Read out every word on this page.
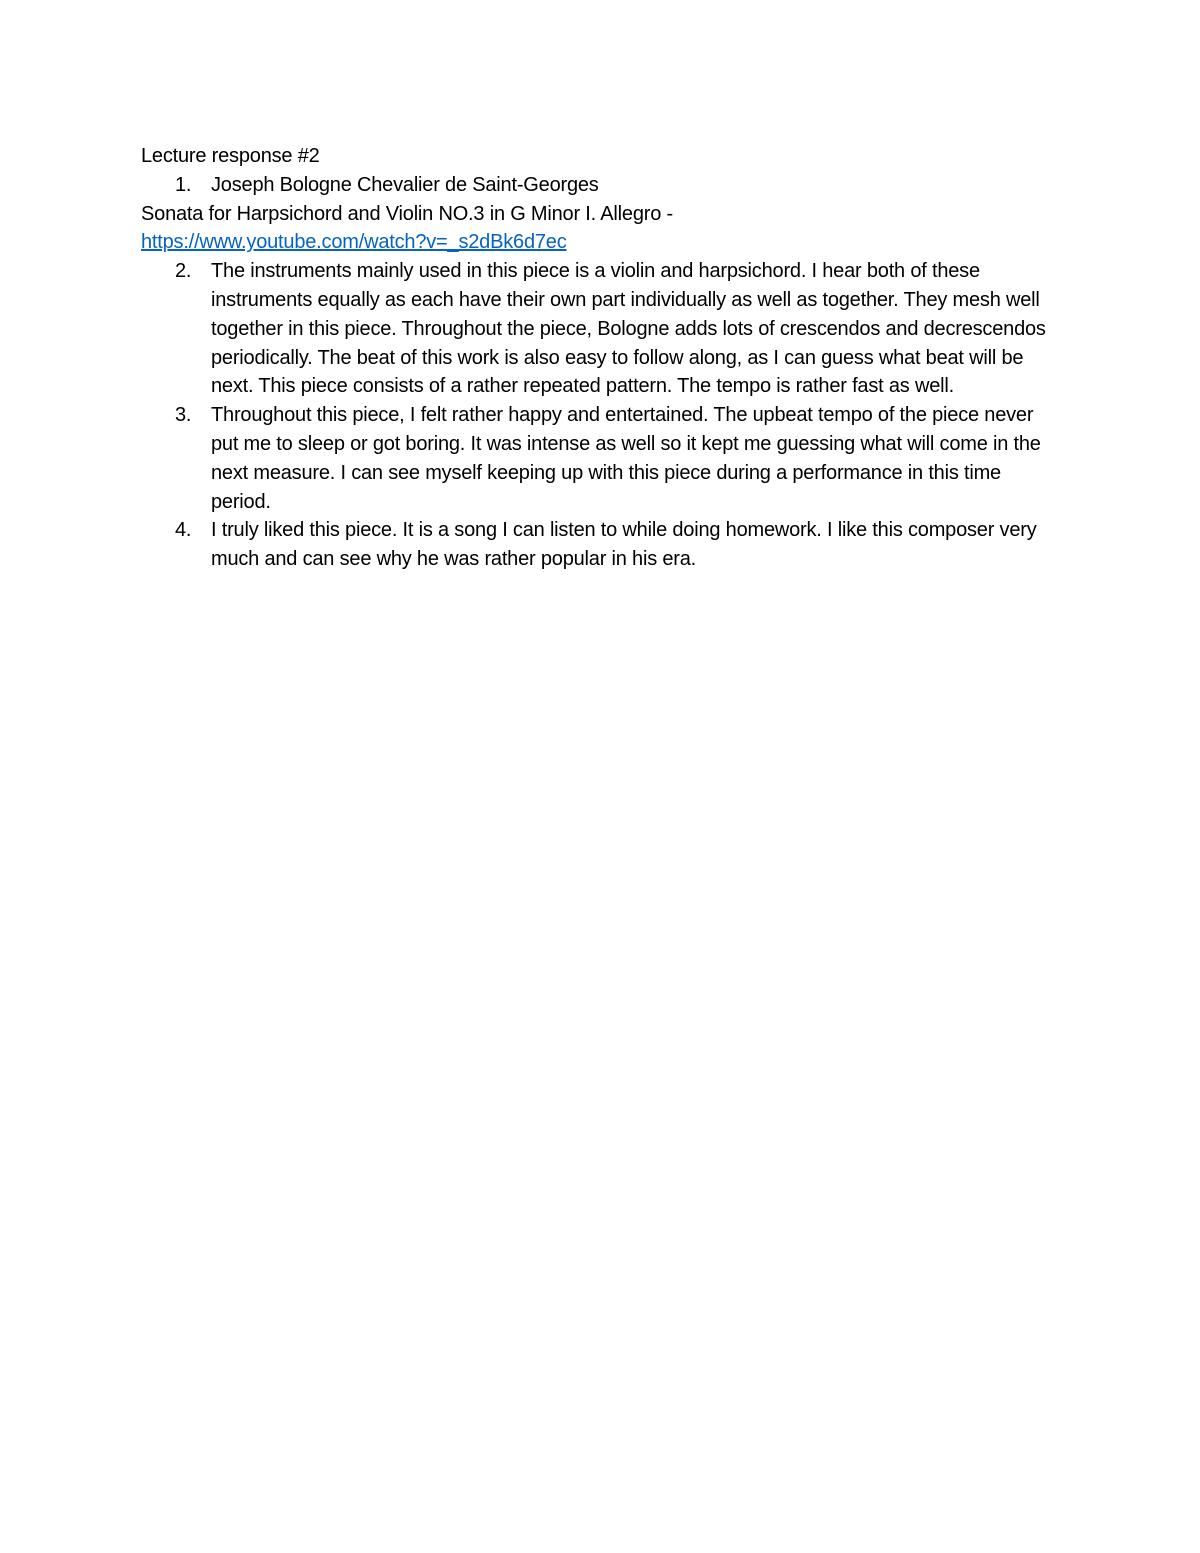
Lecture response #2

1. Joseph Bologne Chevalier de Saint-Georges

Sonata for Harpsichord and Violin NO.3 in G Minor I. Allegro -

https://www.youtube.com/watch?v=_s2dBk6d7ec

2. The instruments mainly used in this piece is a violin and harpsichord. I hear both of these instruments equally as each have their own part individually as well as together. They mesh well together in this piece. Throughout the piece, Bologne adds lots of crescendos and decrescendos periodically. The beat of this work is also easy to follow along, as I can guess what beat will be next. This piece consists of a rather repeated pattern. The tempo is rather fast as well.
3. Throughout this piece, I felt rather happy and entertained. The upbeat tempo of the piece never put me to sleep or got boring. It was intense as well so it kept me guessing what will come in the next measure. I can see myself keeping up with this piece during a performance in this time period.
4. I truly liked this piece. It is a song I can listen to while doing homework. I like this composer very much and can see why he was rather popular in his era.
